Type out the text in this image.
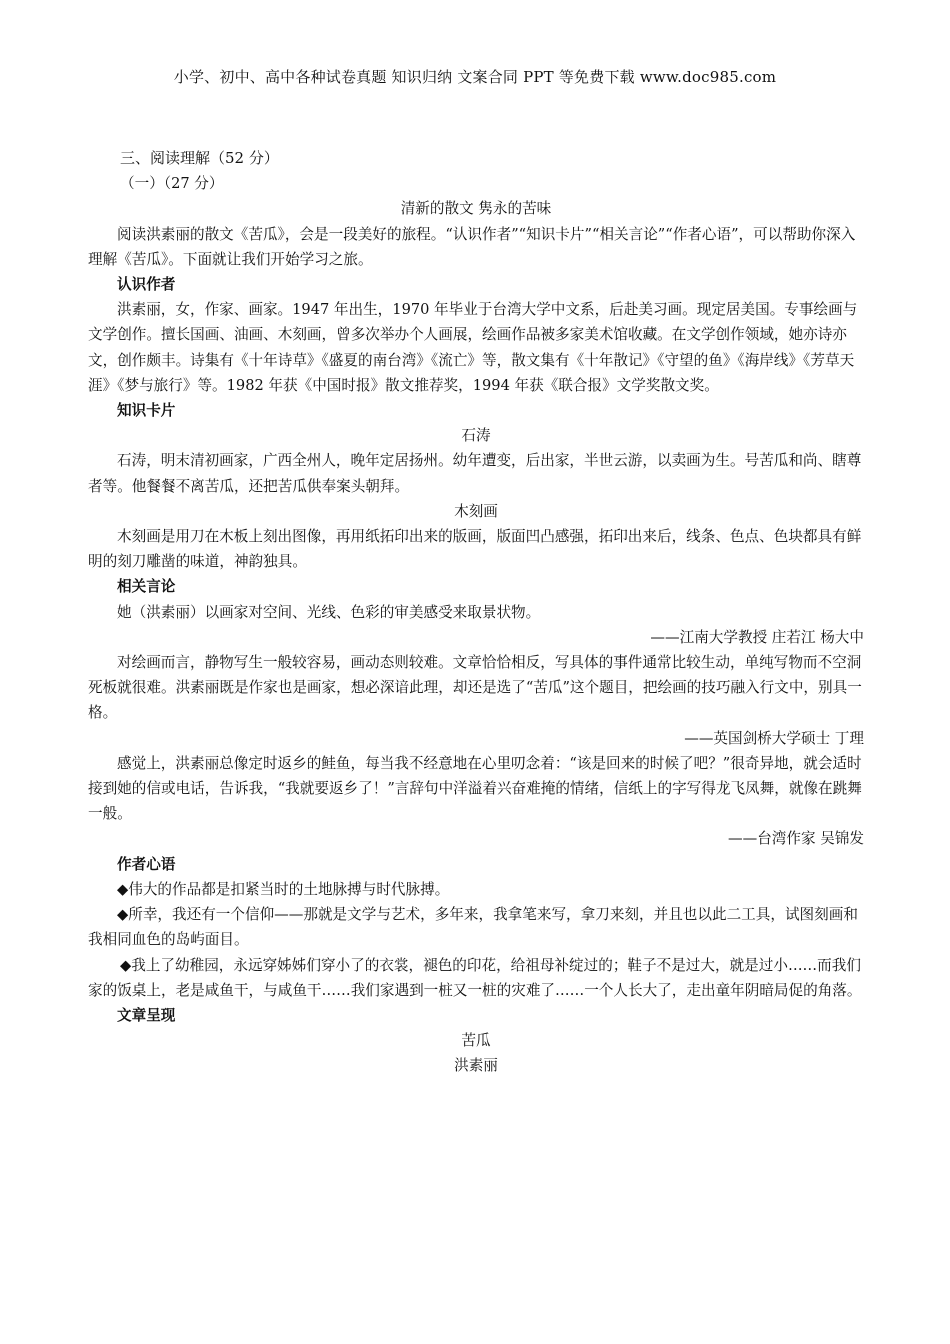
小学、初中、高中各种试卷真题 知识归纳 文案合同 PPT 等免费下载 www.doc985.com

三、阅读理解（52 分）

（一）（27 分）

清新的散文 隽永的苦味

阅读洪素丽的散文《苦瓜》，会是一段美好的旅程。“认识作者”“知识卡片”“相关言论”“作者心语”，可以帮助你深入理解《苦瓜》。下面就让我们开始学习之旅。

认识作者

洪素丽，女，作家、画家。1947 年出生，1970 年毕业于台湾大学中文系，后赴美习画。现定居美国。专事绘画与文学创作。擅长国画、油画、木刻画，曾多次举办个人画展，绘画作品被多家美术馆收藏。在文学创作领域，她亦诗亦文，创作颇丰。诗集有《十年诗草》《盛夏的南台湾》《流亡》等，散文集有《十年散记》《守望的鱼》《海岸线》《芳草天涯》《梦与旅行》等。1982 年获《中国时报》散文推荐奖，1994 年获《联合报》文学奖散文奖。

知识卡片

石涛

石涛，明末清初画家，广西全州人，晚年定居扬州。幼年遭变，后出家，半世云游，以卖画为生。号苦瓜和尚、瞎尊者等。他餐餐不离苦瓜，还把苦瓜供奉案头朝拜。

木刻画

木刻画是用刀在木板上刻出图像，再用纸拓印出来的版画，版面凹凸感强，拓印出来后，线条、色点、色块都具有鲜明的刻刀雕凿的味道，神韵独具。

相关言论

她（洪素丽）以画家对空间、光线、色彩的审美感受来取景状物。

——江南大学教授 庄若江 杨大中

对绘画而言，静物写生一般较容易，画动态则较难。文章恰恰相反，写具体的事件通常比较生动，单纯写物而不空洞死板就很难。洪素丽既是作家也是画家，想必深谙此理，却还是选了“苦瓜”这个题目，把绘画的技巧融入行文中，别具一格。

——英国剑桥大学硕士 丁理

感觉上，洪素丽总像定时返乡的鲑鱼，每当我不经意地在心里叨念着：“该是回来的时候了吧？”很奇异地，就会适时接到她的信或电话，告诉我，“我就要返乡了！”言辞句中洋溢着兴奋难掩的情绪，信纸上的字写得龙飞凤舞，就像在跳舞一般。

——台湾作家 吴锦发

作者心语

◆伟大的作品都是扣紧当时的土地脉搏与时代脉搏。

◆所幸，我还有一个信仰——那就是文学与艺术，多年来，我拿笔来写，拿刀来刻，并且也以此二工具，试图刻画和我相同血色的岛屿面目。

◆我上了幼稚园，永远穿姊姊们穿小了的衣裳，褪色的印花，给祖母补绽过的；鞋子不是过大，就是过小……而我们家的饭桌上，老是咸鱼干，与咸鱼干……我们家遇到一桩又一桩的灾难了……一个人长大了，走出童年阴暗局促的角落。

文章呈现

苦瓜

洪素丽
